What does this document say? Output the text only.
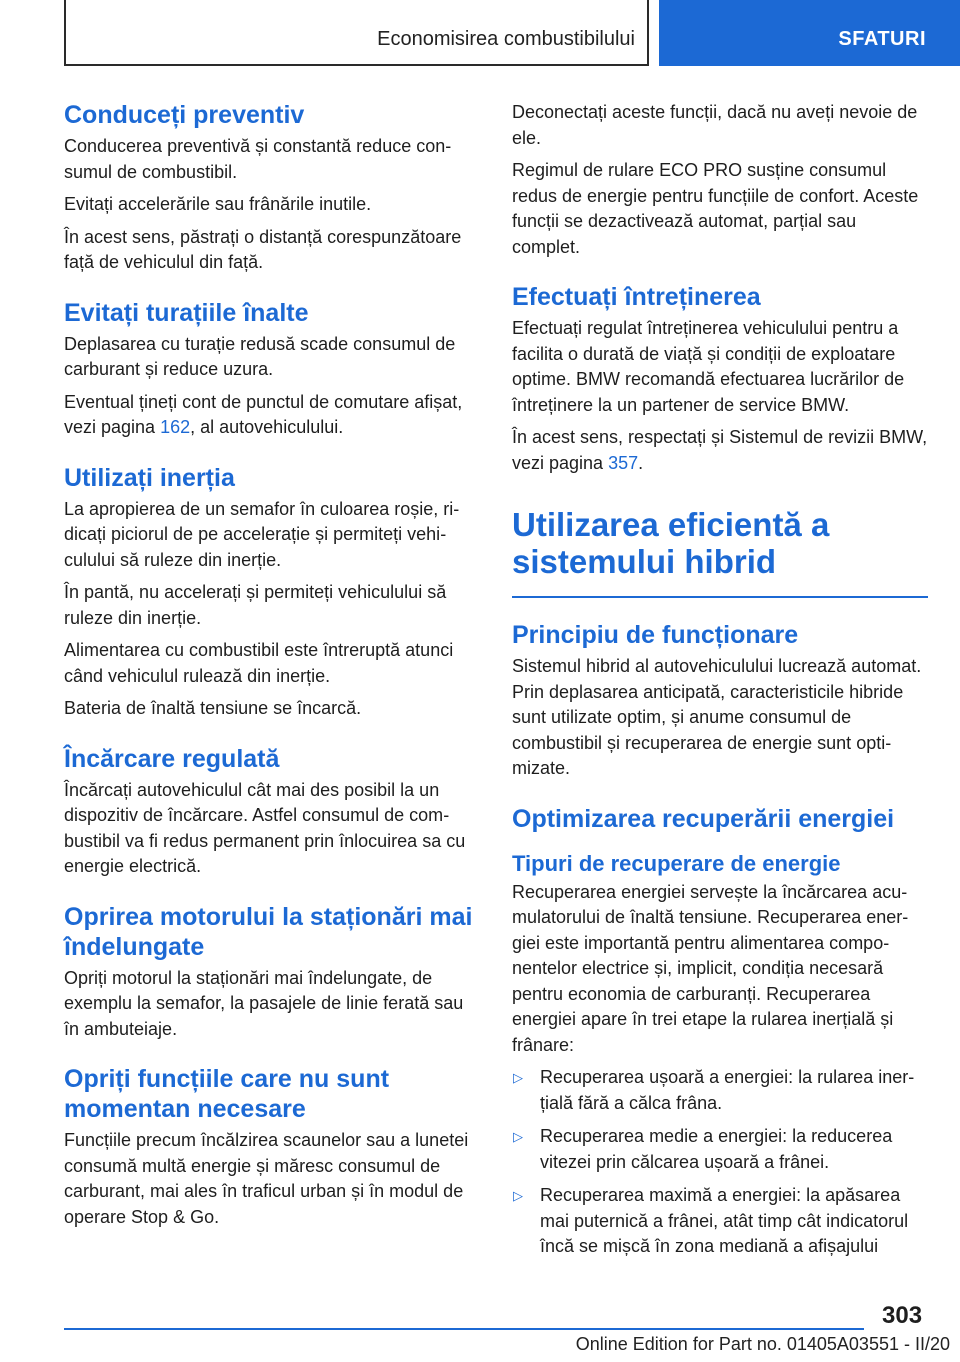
Economisirea combustibilului	SFATURI
Conduceți preventiv

Conducerea preventivă și constantă reduce consumul de combustibil.

Evitați accelerările sau frânările inutile.

În acest sens, păstrați o distanță corespunzătoare față de vehiculul din față.

Evitați turațiile înalte

Deplasarea cu turație redusă scade consumul de carburant și reduce uzura.

Eventual țineți cont de punctul de comutare afișat, vezi pagina 162, al autovehiculului.

Utilizați inerția

La apropierea de un semafor în culoarea roșie, ridicați piciorul de pe accelerație și permiteți vehiculului să ruleze din inerție.

În pantă, nu accelerați și permiteți vehiculului să ruleze din inerție.

Alimentarea cu combustibil este întreruptă atunci când vehiculul rulează din inerție.

Bateria de înaltă tensiune se încarcă.

Încărcare regulată

Încărcați autovehiculul cât mai des posibil la un dispozitiv de încărcare. Astfel consumul de combustibil va fi redus permanent prin înlocuirea sa cu energie electrică.

Oprirea motorului la staționări mai îndelungate

Opriți motorul la staționări mai îndelungate, de exemplu la semafor, la pasajele de linie ferată sau în ambuteiaje.

Opriți funcțiile care nu sunt momentan necesare

Funcțiile precum încălzirea scaunelor sau a lunetei consumă multă energie și măresc consumul de carburant, mai ales în traficul urban și în modul de operare Stop & Go.

Deconectați aceste funcții, dacă nu aveți nevoie de ele.

Regimul de rulare ECO PRO susține consumul redus de energie pentru funcțiile de confort. Aceste funcții se dezactivează automat, parțial sau complet.

Efectuați întreținerea

Efectuați regulat întreținerea vehiculului pentru a facilita o durată de viață și condiții de exploatare optime. BMW recomandă efectuarea lucrărilor de întreținere la un partener de service BMW.

În acest sens, respectați și Sistemul de revizii BMW, vezi pagina 357.

Utilizarea eficientă a sistemului hibrid
Principiu de funcționare

Sistemul hibrid al autovehiculului lucrează automat. Prin deplasarea anticipată, caracteristicile hibride sunt utilizate optim, și anume consumul de combustibil și recuperarea de energie sunt optimizate.

Optimizarea recuperării energiei
Tipuri de recuperare de energie

Recuperarea energiei servește la încărcarea acumulatorului de înaltă tensiune. Recuperarea energiei este importantă pentru alimentarea componentelor electrice și, implicit, condiția necesară pentru economia de carburanți. Recuperarea energiei apare în trei etape la rularea inerțială și frânare:

▷ Recuperarea ușoară a energiei: la rularea inerțială fără a călca frâna.
▷ Recuperarea medie a energiei: la reducerea vitezei prin călcarea ușoară a frânei.
▷ Recuperarea maximă a energiei: la apăsarea mai puternică a frânei, atât timp cât indicatorul încă se mișcă în zona mediană a afișajului
303
Online Edition for Part no. 01405A03551 - II/20
